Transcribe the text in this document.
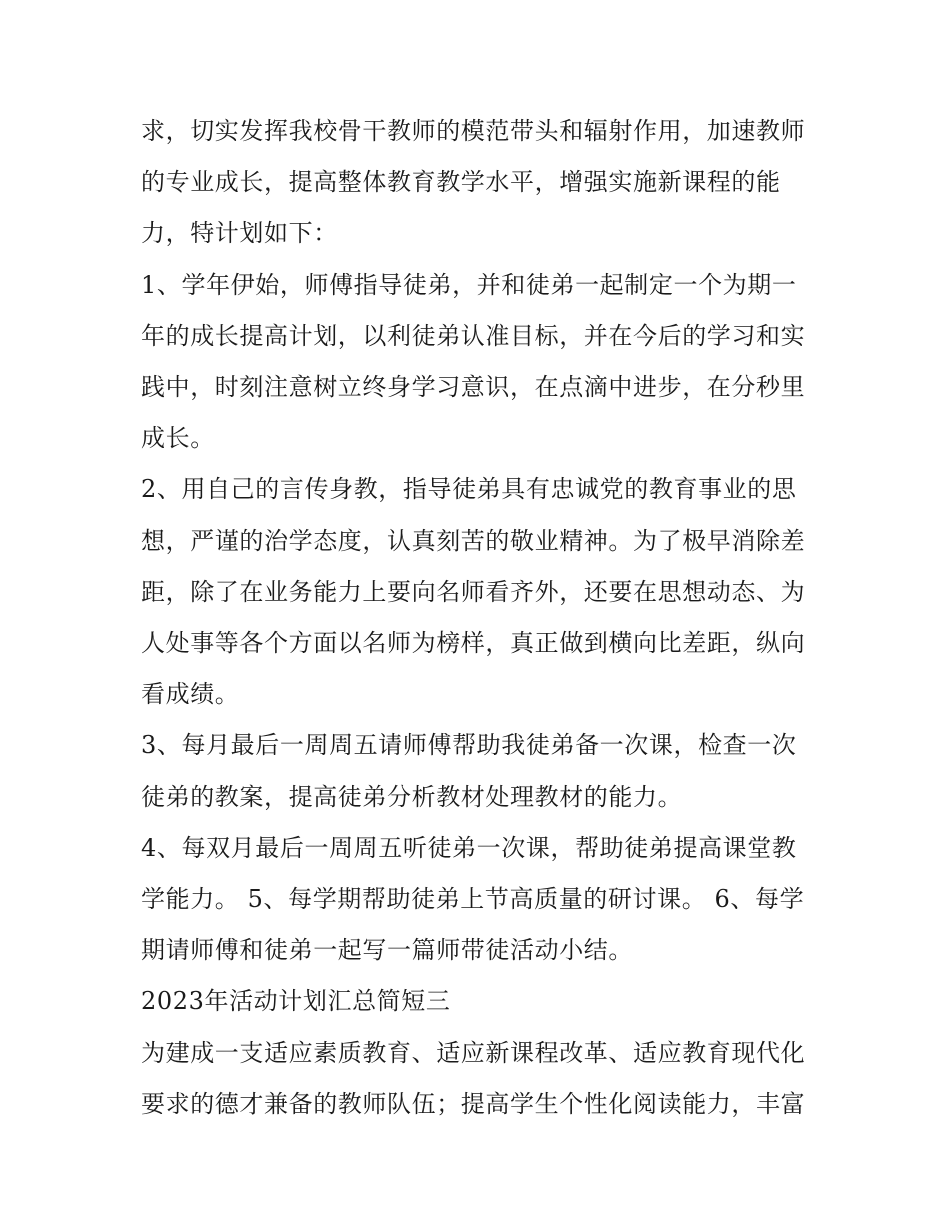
求，切实发挥我校骨干教师的模范带头和辐射作用，加速教师的专业成长，提高整体教育教学水平，增强实施新课程的能力，特计划如下：

1、学年伊始，师傅指导徒弟，并和徒弟一起制定一个为期一年的成长提高计划，以利徒弟认准目标，并在今后的学习和实践中，时刻注意树立终身学习意识，在点滴中进步，在分秒里成长。

2、用自己的言传身教，指导徒弟具有忠诚党的教育事业的思想，严谨的治学态度，认真刻苦的敬业精神。为了极早消除差距，除了在业务能力上要向名师看齐外，还要在思想动态、为人处事等各个方面以名师为榜样，真正做到横向比差距，纵向看成绩。

3、每月最后一周周五请师傅帮助我徒弟备一次课，检查一次徒弟的教案，提高徒弟分析教材处理教材的能力。

4、每双月最后一周周五听徒弟一次课，帮助徒弟提高课堂教学能力。 5、每学期帮助徒弟上节高质量的研讨课。 6、每学期请师傅和徒弟一起写一篇师带徒活动小结。

2023年活动计划汇总简短三

为建成一支适应素质教育、适应新课程改革、适应教育现代化要求的德才兼备的教师队伍；提高学生个性化阅读能力，丰富
